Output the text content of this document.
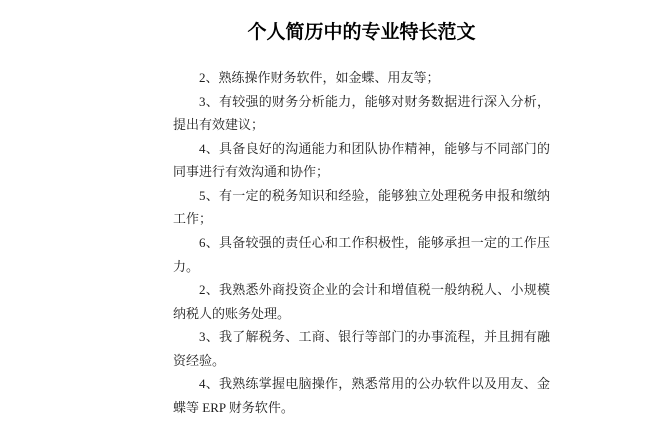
个人简历中的专业特长范文
2、熟练操作财务软件，如金蝶、用友等；
3、有较强的财务分析能力，能够对财务数据进行深入分析，
提出有效建议；
4、具备良好的沟通能力和团队协作精神，能够与不同部门的
同事进行有效沟通和协作；
5、有一定的税务知识和经验，能够独立处理税务申报和缴纳
工作；
6、具备较强的责任心和工作积极性，能够承担一定的工作压
力。
2、我熟悉外商投资企业的会计和增值税一般纳税人、小规模
纳税人的账务处理。
3、我了解税务、工商、银行等部门的办事流程，并且拥有融
资经验。
4、我熟练掌握电脑操作，熟悉常用的公办软件以及用友、金
蝶等 ERP 财务软件。
